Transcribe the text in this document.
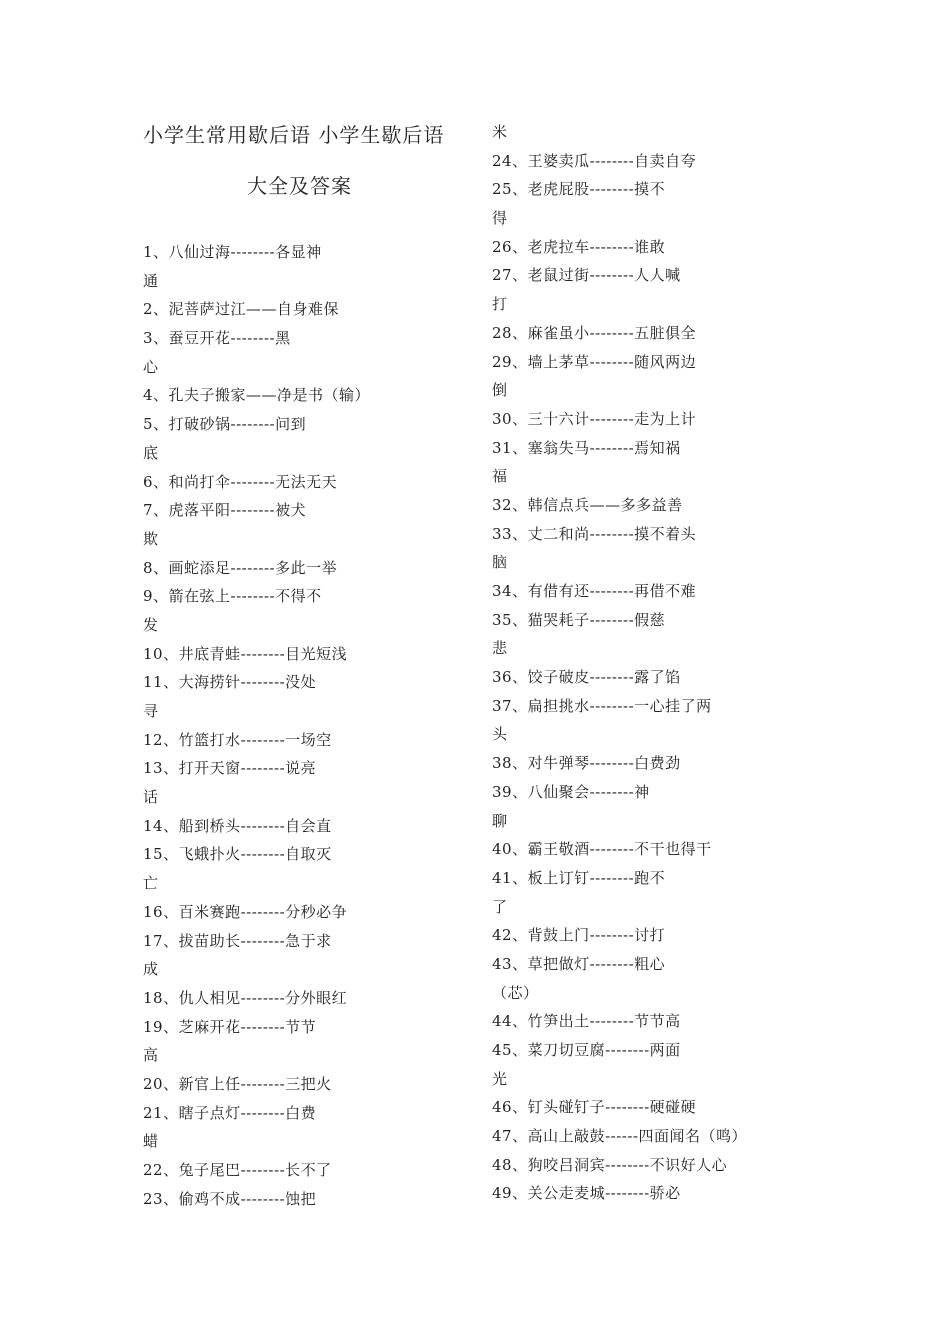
小学生常用歇后语 小学生歇后语
大全及答案
1、八仙过海--------各显神
通
2、泥菩萨过江——自身难保
3、蚕豆开花--------黑
心
4、孔夫子搬家——净是书（输）
5、打破砂锅--------问到
底
6、和尚打伞--------无法无天
7、虎落平阳--------被犬
欺
8、画蛇添足--------多此一举
9、箭在弦上--------不得不
发
10、井底青蛙--------目光短浅
11、大海捞针--------没处
寻
12、竹篮打水--------一场空
13、打开天窗--------说亮
话
14、船到桥头--------自会直
15、飞蛾扑火--------自取灭
亡
16、百米赛跑--------分秒必争
17、拔苗助长--------急于求
成
18、仇人相见--------分外眼红
19、芝麻开花--------节节
高
20、新官上任--------三把火
21、瞎子点灯--------白费
蜡
22、兔子尾巴--------长不了
23、偷鸡不成--------蚀把
米
24、王婆卖瓜--------自卖自夸
25、老虎屁股--------摸不
得
26、老虎拉车--------谁敢
27、老鼠过街--------人人喊
打
28、麻雀虽小--------五脏俱全
29、墙上茅草--------随风两边
倒
30、三十六计--------走为上计
31、塞翁失马--------焉知祸
福
32、韩信点兵——多多益善
33、丈二和尚--------摸不着头
脑
34、有借有还--------再借不难
35、猫哭耗子--------假慈
悲
36、饺子破皮--------露了馅
37、扁担挑水--------一心挂了两
头
38、对牛弹琴--------白费劲
39、八仙聚会--------神
聊
40、霸王敬酒--------不干也得干
41、板上订钉--------跑不
了
42、背鼓上门--------讨打
43、草把做灯--------粗心
（芯）
44、竹笋出土--------节节高
45、菜刀切豆腐--------两面
光
46、钉头碰钉子--------硬碰硬
47、高山上敲鼓------四面闻名（鸣）
48、狗咬吕洞宾--------不识好人心
49、关公走麦城--------骄必
